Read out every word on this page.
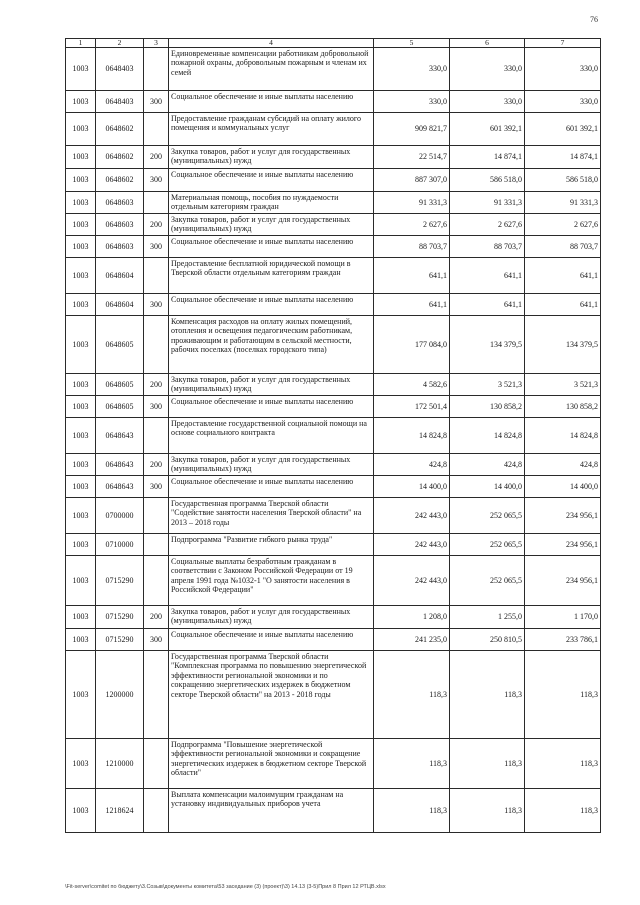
76
1	2	3	4	5	6	7
1003	0648403		Единовременные компенсации работникам добровольной пожарной охраны, добровольным пожарным и членам их семей	330,0	330,0	330,0
1003	0648403	300	Социальное обеспечение и иные выплаты населению	330,0	330,0	330,0
1003	0648602		Предоставление гражданам субсидий на оплату жилого помещения и коммунальных услуг	909 821,7	601 392,1	601 392,1
1003	0648602	200	Закупка товаров, работ и услуг для государственных (муниципальных) нужд	22 514,7	14 874,1	14 874,1
1003	0648602	300	Социальное обеспечение и иные выплаты населению	887 307,0	586 518,0	586 518,0
1003	0648603		Материальная помощь, пособия по нуждаемости отдельным категориям граждан	91 331,3	91 331,3	91 331,3
1003	0648603	200	Закупка товаров, работ и услуг для государственных (муниципальных) нужд	2 627,6	2 627,6	2 627,6
1003	0648603	300	Социальное обеспечение и иные выплаты населению	88 703,7	88 703,7	88 703,7
1003	0648604		Предоставление бесплатной юридической помощи в Тверской области отдельным категориям граждан	641,1	641,1	641,1
1003	0648604	300	Социальное обеспечение и иные выплаты населению	641,1	641,1	641,1
1003	0648605		Компенсация расходов на оплату жилых помещений, отопления и освещения педагогическим работникам, проживающим и работающим в сельской местности, рабочих поселках (поселках городского типа)	177 084,0	134 379,5	134 379,5
1003	0648605	200	Закупка товаров, работ и услуг для государственных (муниципальных) нужд	4 582,6	3 521,3	3 521,3
1003	0648605	300	Социальное обеспечение и иные выплаты населению	172 501,4	130 858,2	130 858,2
1003	0648643		Предоставление государственной социальной помощи на основе социального контракта	14 824,8	14 824,8	14 824,8
1003	0648643	200	Закупка товаров, работ и услуг для государственных (муниципальных) нужд	424,8	424,8	424,8
1003	0648643	300	Социальное обеспечение и иные выплаты населению	14 400,0	14 400,0	14 400,0
1003	0700000		Государственная программа Тверской области "Содействие занятости населения Тверской области" на 2013 – 2018 годы	242 443,0	252 065,5	234 956,1
1003	0710000		Подпрограмма "Развитие гибкого рынка труда"	242 443,0	252 065,5	234 956,1
1003	0715290		Социальные выплаты безработным гражданам в соответствии с Законом Российской Федерации от 19 апреля 1991 года №1032-1 "О занятости населения в Российской Федерации"	242 443,0	252 065,5	234 956,1
1003	0715290	200	Закупка товаров, работ и услуг для государственных (муниципальных) нужд	1 208,0	1 255,0	1 170,0
1003	0715290	300	Социальное обеспечение и иные выплаты населению	241 235,0	250 810,5	233 786,1
1003	1200000		Государственная программа Тверской области "Комплексная программа по повышению энергетической эффективности региональной экономики и по сокращению энергетических издержек в бюджетном секторе Тверской области" на 2013 - 2018 годы	118,3	118,3	118,3
1003	1210000		Подпрограмма "Повышение энергетической эффективности региональной экономики и сокращение энергетических издержек в бюджетном секторе Тверской области"	118,3	118,3	118,3
1003	1218624		Выплата компенсации малоимущим гражданам на установку индивидуальных приборов учета	118,3	118,3	118,3
\Fit-server\comitet по бюджету\3.Созыв\документы комитета\53 заседание (3) (проект)\3) 14.13 (3-5)Прил 8 Прил 12 РТЦВ.xlsx
